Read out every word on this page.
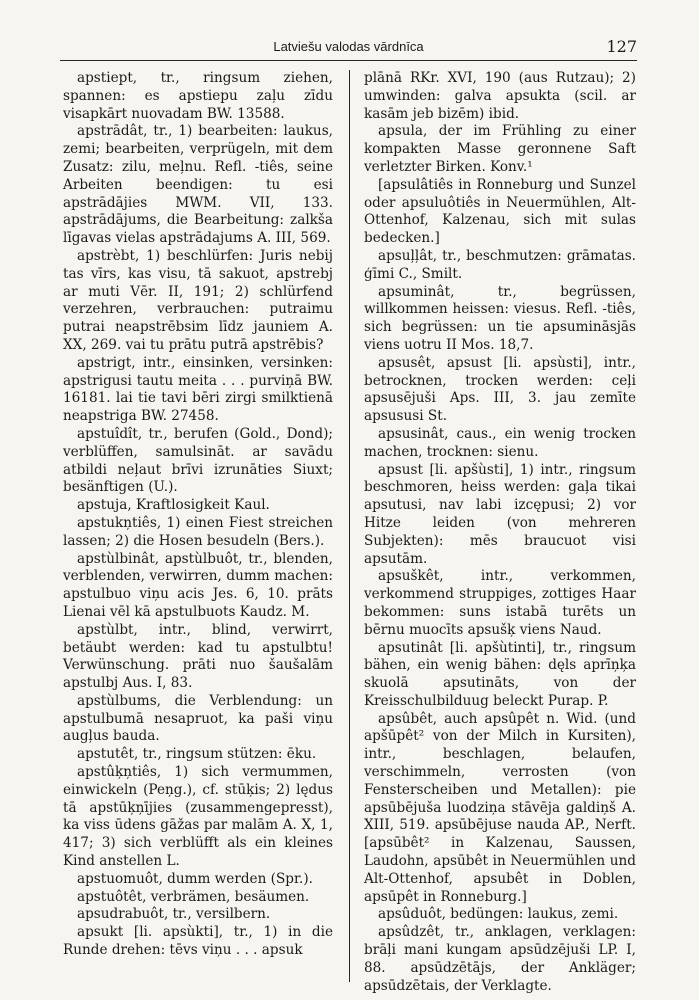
Latviešu valodas vārdnīca	127

apstiept, tr., ringsum ziehen, spannen: es apstiepu zaļu zīdu visapkārt nuovadam BW. 13588.

apstrādât, tr., 1) bearbeiten: laukus, zemi; bearbeiten, verprügeln, mit dem Zusatz: zilu, meļnu. Refl. -tiês, seine Arbeiten beendigen: tu esi apstrādājies MWM. VII, 133. apstrādājums, die Bearbeitung: zalkša līgavas vielas apstrādajums A. III, 569.

apstrèbt, 1) beschlürfen: Juris nebij tas vīrs, kas visu, tā sakuot, apstrebj ar muti Vēr. II, 191; 2) schlürfend verzehren, verbrauchen: putraimu putrai neapstrēbsim līdz jauniem A. XX, 269. vai tu prātu putrā apstrēbis?

apstrigt, intr., einsinken, versinken: apstrigusi tautu meita . . . purviņā BW. 16181. lai tie tavi bēri zirgi smilktienā neapstriga BW. 27458.

apstuîdît, tr., berufen (Gold., Dond); verblüffen, samulsināt. ar savādu atbildi neļaut brīvi izrunāties Siuxt; besänftigen (U.).

apstuja, Kraftlosigkeit Kaul.

apstukņtiês, 1) einen Fiest streichen lassen; 2) die Hosen besudeln (Bers.).

apstùlbinât, apstùlbuôt, tr., blenden, verblenden, verwirren, dumm machen: apstulbuo viņu acis Jes. 6, 10. prāts Lienai vēl kā apstulbuots Kaudz. M.

apstùlbt, intr., blind, verwirrt, betäubt werden: kad tu apstulbtu! Verwünschung. prāti nuo šaušalām apstulbj Aus. I, 83.

apstùlbums, die Verblendung: un apstulbumā nesapruot, ka paši viņu augļus bauda.

apstutêt, tr., ringsum stützen: ēku.

apstûķņtiês, 1) sich vermummen, einwickeln (Peņg.), cf. stūķis; 2) lędus tā apstūķņījies (zusammengepresst), ka viss ūdens gāžas par malām A. X, 1, 417; 3) sich verblüfft als ein kleines Kind anstellen L.

apstuomuôt, dumm werden (Spr.).

apstuôtêt, verbrämen, besäumen.

apsudrabuôt, tr., versilbern.

apsukt [li. apsùkti], tr., 1) in die Runde drehen: tēvs viņu . . . apsuk

plānā RKr. XVI, 190 (aus Rutzau); 2) umwinden: galva apsukta (scil. ar kasām jeb bizēm) ibid.

apsula, der im Frühling zu einer kompakten Masse geronnene Saft verletzter Birken. Konv.¹

[apsulâtiês in Ronneburg und Sunzel oder apsuluôtiês in Neuermühlen, Alt-Ottenhof, Kalzenau, sich mit sulas bedecken.]

apsuļļât, tr., beschmutzen: grāmatas. ģīmi C., Smilt.

apsuminât, tr., begrüssen, willkommen heissen: viesus. Refl. -tiês, sich begrüssen: un tie apsumināsjās viens uotru II Mos. 18,7.

apsusêt, apsust [li. apsùsti], intr., betrocknen, trocken werden: ceļi apsusējuši Aps. III, 3. jau zemīte apsususi St.

apsusinât, caus., ein wenig trocken machen, trocknen: sienu.

apsust [li. apšùsti], 1) intr., ringsum beschmoren, heiss werden: gaļa tikai apsutusi, nav labi izcępusi; 2) vor Hitze leiden (von mehreren Subjekten): mēs braucuot visi apsutām.

apsuškêt, intr., verkommen, verkommend struppiges, zottiges Haar bekommen: suns istabā turēts un bērnu muocīts apsušķ viens Naud.

apsutinât [li. apšùtinti], tr., ringsum bähen, ein wenig bähen: dęls aprīņķa skuolā apsutināts, von der Kreisschulbilduug beleckt Purap. P.

apsûbêt, auch apsûpêt n. Wid. (und apšūpêt² von der Milch in Kursiten), intr., beschlagen, belaufen, verschimmeln, verrosten (von Fensterscheiben und Metallen): pie apsūbējuša luodziņa stāvēja galdiņš A. XIII, 519. apsūbējuse nauda AP., Nerft. [apsūbêt² in Kalzenau, Saussen, Laudohn, apsūbêt in Neuermühlen und Alt-Ottenhof, apsubêt in Doblen, apsūpêt in Ronneburg.]

apsûduôt, bedüngen: laukus, zemi.

apsûdzêt, tr., anklagen, verklagen: brāļi mani kungam apsūdzējuši LP. I, 88. apsūdzētājs, der Ankläger; apsūdzētais, der Verklagte.
